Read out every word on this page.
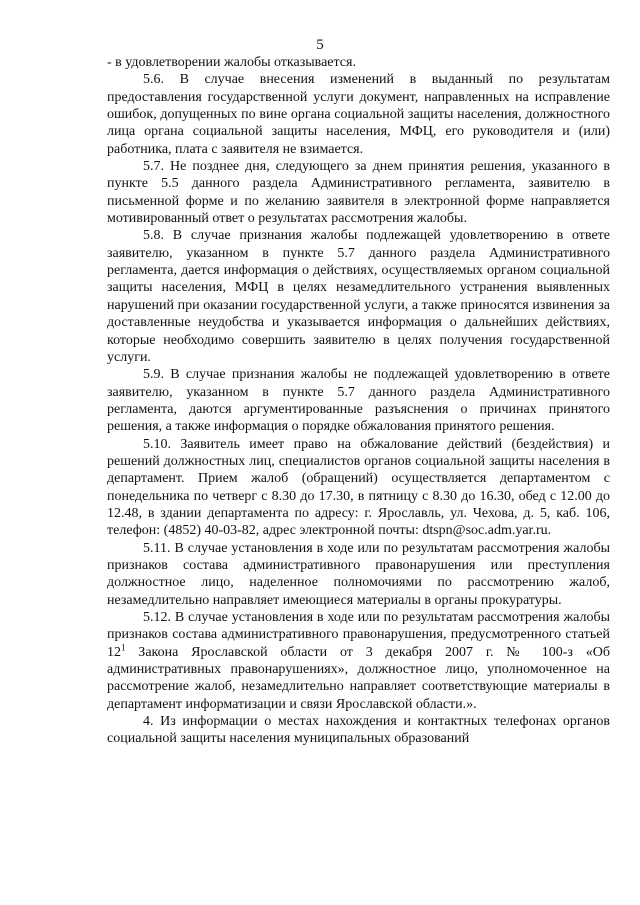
5

- в удовлетворении жалобы отказывается.

5.6. В случае внесения изменений в выданный по результатам предоставления государственной услуги документ, направленных на исправление ошибок, допущенных по вине органа социальной защиты населения, должностного лица органа социальной защиты населения, МФЦ, его руководителя и (или) работника, плата с заявителя не взимается.

5.7. Не позднее дня, следующего за днем принятия решения, указанного в пункте 5.5 данного раздела Административного регламента, заявителю в письменной форме и по желанию заявителя в электронной форме направляется мотивированный ответ о результатах рассмотрения жалобы.

5.8. В случае признания жалобы подлежащей удовлетворению в ответе заявителю, указанном в пункте 5.7 данного раздела Административного регламента, дается информация о действиях, осуществляемых органом социальной защиты населения, МФЦ в целях незамедлительного устранения выявленных нарушений при оказании государственной услуги, а также приносятся извинения за доставленные неудобства и указывается информация о дальнейших действиях, которые необходимо совершить заявителю в целях получения государственной услуги.

5.9. В случае признания жалобы не подлежащей удовлетворению в ответе заявителю, указанном в пункте 5.7 данного раздела Административного регламента, даются аргументированные разъяснения о причинах принятого решения, а также информация о порядке обжалования принятого решения.

5.10. Заявитель имеет право на обжалование действий (бездействия) и решений должностных лиц, специалистов органов социальной защиты населения в департамент. Прием жалоб (обращений) осуществляется департаментом с понедельника по четверг с 8.30 до 17.30, в пятницу с 8.30 до 16.30, обед с 12.00 до 12.48, в здании департамента по адресу: г. Ярославль, ул. Чехова, д. 5, каб. 106, телефон: (4852) 40-03-82, адрес электронной почты: dtspn@soc.adm.yar.ru.

5.11. В случае установления в ходе или по результатам рассмотрения жалобы признаков состава административного правонарушения или преступления должностное лицо, наделенное полномочиями по рассмотрению жалоб, незамедлительно направляет имеющиеся материалы в органы прокуратуры.

5.12. В случае установления в ходе или по результатам рассмотрения жалобы признаков состава административного правонарушения, предусмотренного статьей $12^1$ Закона Ярославской области от 3 декабря 2007 г. № 100-з «Об административных правонарушениях», должностное лицо, уполномоченное на рассмотрение жалоб, незамедлительно направляет соответствующие материалы в департамент информатизации и связи Ярославской области.».

4. Из информации о местах нахождения и контактных телефонах органов социальной защиты населения муниципальных образований
